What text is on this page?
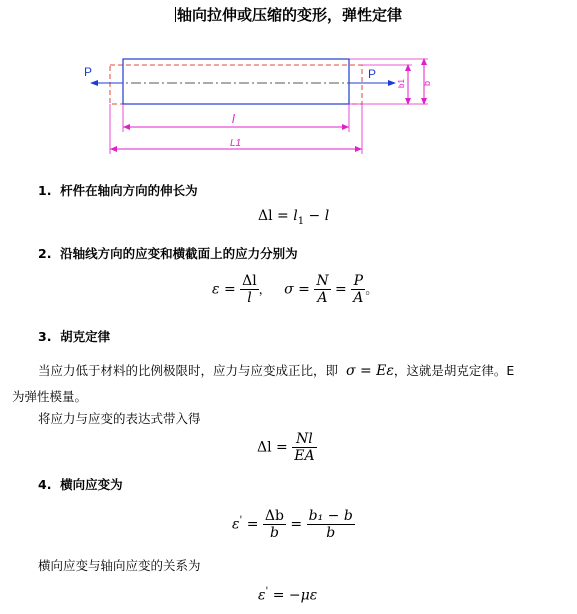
轴向拉伸或压缩的变形，弹性定律
P	P
b1 b
l
L1
1. 杆件在轴向方向的伸长为
$\Delta l = l_1 - l$
2. 沿轴线方向的应变和横截面上的应力分别为
$\varepsilon = \frac{\Delta l}{l}$ ， $\sigma = \frac{N}{A} = \frac{P}{A}$ 。
3. 胡克定律
当应力低于材料的比例极限时，应力与应变成正比，即 σ = Eε，这就是胡克定律。E
为弹性模量。
将应力与应变的表达式带入得
$\Delta l = \frac{Nl}{EA}$
4. 横向应变为
$\varepsilon' = \frac{\Delta b}{b} = \frac{\text{b₁ − b}}{b}$
横向应变与轴向应变的关系为
ε' = −με
